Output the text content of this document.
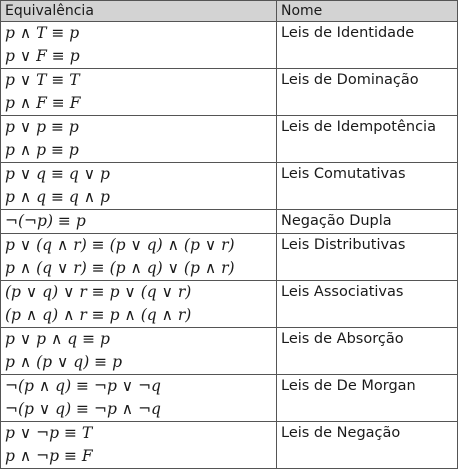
Equivalência	Nome

p ∧ T ≡ p
p ∨ F ≡ p	Leis de Identidade

p ∨ T ≡ T
p ∧ F ≡ F	Leis de Dominação

p ∨ p ≡ p
p ∧ p ≡ p	Leis de Idempotência

p ∨ q ≡ q ∨ p
p ∧ q ≡ q ∧ p	Leis Comutativas

¬(¬p) ≡ p	Negação Dupla

p ∨ (q ∧ r) ≡ (p ∨ q) ∧ (p ∨ r)
p ∧ (q ∨ r) ≡ (p ∧ q) ∨ (p ∧ r)	Leis Distributivas

(p ∨ q) ∨ r ≡ p ∨ (q ∨ r)
(p ∧ q) ∧ r ≡ p ∧ (q ∧ r)	Leis Associativas

p ∨ p ∧ q ≡ p
p ∧ (p ∨ q) ≡ p	Leis de Absorção

¬(p ∧ q) ≡ ¬p ∨ ¬q
¬(p ∨ q) ≡ ¬p ∧ ¬q	Leis de De Morgan

p ∨ ¬p ≡ T
p ∧ ¬p ≡ F	Leis de Negação
